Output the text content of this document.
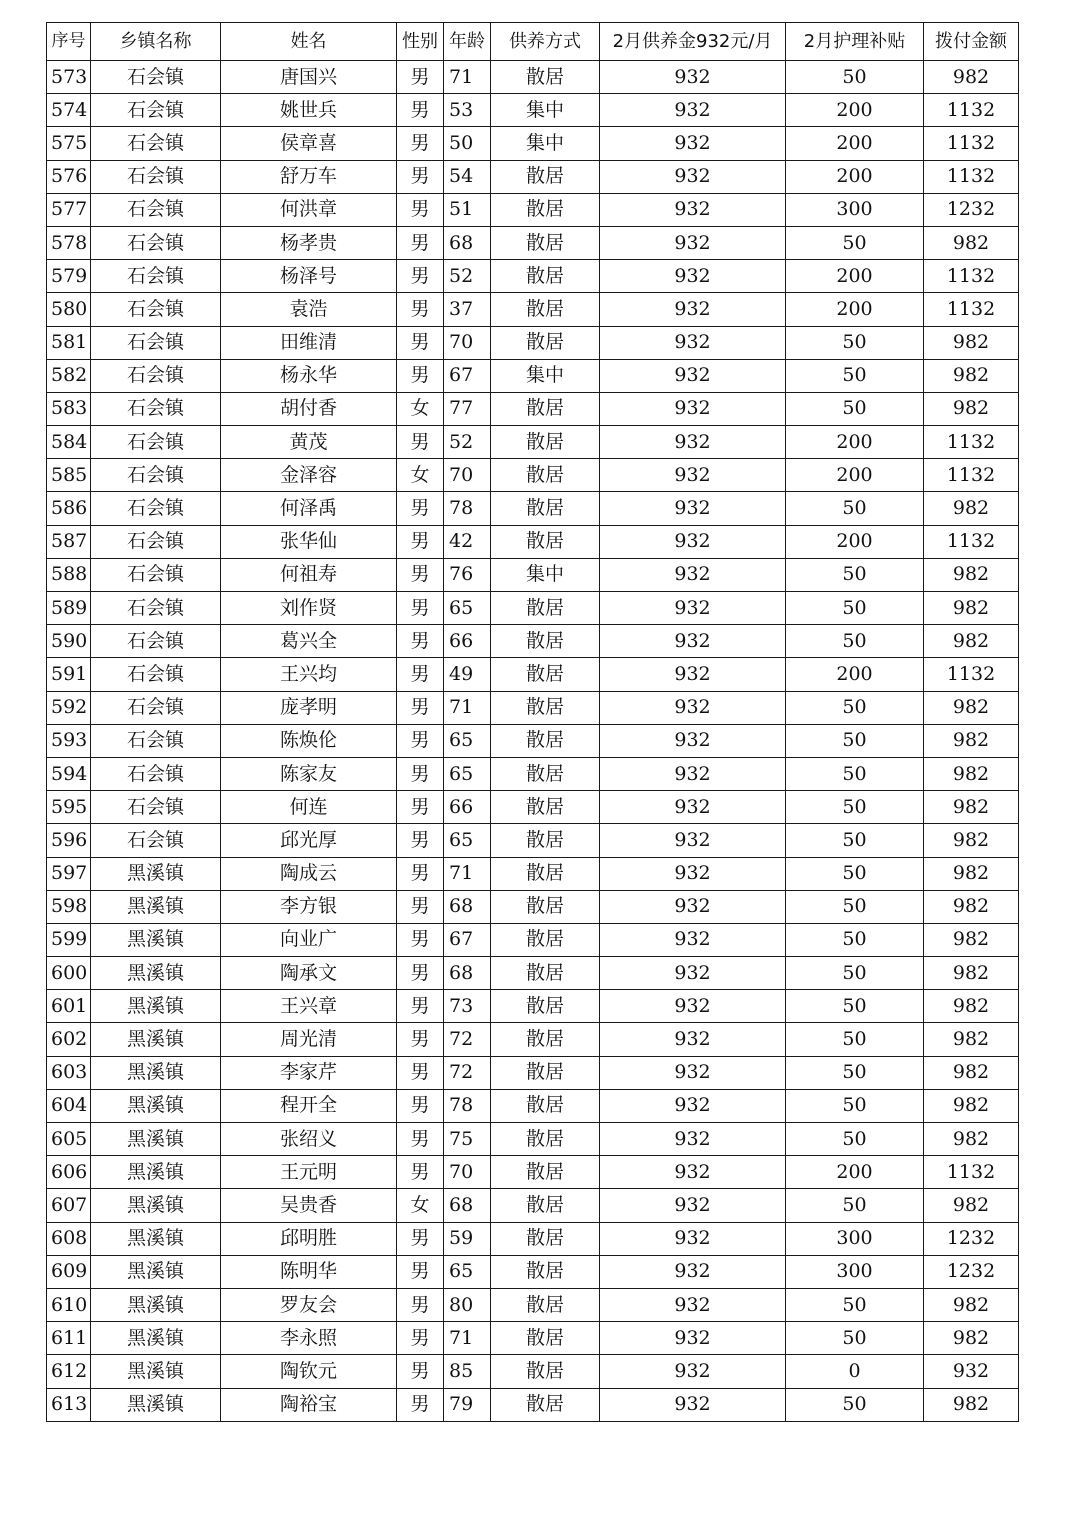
序号	乡镇名称	姓名	性别	年龄	供养方式	2月供养金932元/月	2月护理补贴	拨付金额
573	石会镇	唐国兴	男	71	散居	932	50	982
574	石会镇	姚世兵	男	53	集中	932	200	1132
575	石会镇	侯章喜	男	50	集中	932	200	1132
576	石会镇	舒万车	男	54	散居	932	200	1132
577	石会镇	何洪章	男	51	散居	932	300	1232
578	石会镇	杨孝贵	男	68	散居	932	50	982
579	石会镇	杨泽号	男	52	散居	932	200	1132
580	石会镇	袁浩	男	37	散居	932	200	1132
581	石会镇	田维清	男	70	散居	932	50	982
582	石会镇	杨永华	男	67	集中	932	50	982
583	石会镇	胡付香	女	77	散居	932	50	982
584	石会镇	黄茂	男	52	散居	932	200	1132
585	石会镇	金泽容	女	70	散居	932	200	1132
586	石会镇	何泽禹	男	78	散居	932	50	982
587	石会镇	张华仙	男	42	散居	932	200	1132
588	石会镇	何祖寿	男	76	集中	932	50	982
589	石会镇	刘作贤	男	65	散居	932	50	982
590	石会镇	葛兴全	男	66	散居	932	50	982
591	石会镇	王兴均	男	49	散居	932	200	1132
592	石会镇	庞孝明	男	71	散居	932	50	982
593	石会镇	陈焕伦	男	65	散居	932	50	982
594	石会镇	陈家友	男	65	散居	932	50	982
595	石会镇	何连	男	66	散居	932	50	982
596	石会镇	邱光厚	男	65	散居	932	50	982
597	黑溪镇	陶成云	男	71	散居	932	50	982
598	黑溪镇	李方银	男	68	散居	932	50	982
599	黑溪镇	向业广	男	67	散居	932	50	982
600	黑溪镇	陶承文	男	68	散居	932	50	982
601	黑溪镇	王兴章	男	73	散居	932	50	982
602	黑溪镇	周光清	男	72	散居	932	50	982
603	黑溪镇	李家芹	男	72	散居	932	50	982
604	黑溪镇	程开全	男	78	散居	932	50	982
605	黑溪镇	张绍义	男	75	散居	932	50	982
606	黑溪镇	王元明	男	70	散居	932	200	1132
607	黑溪镇	吴贵香	女	68	散居	932	50	982
608	黑溪镇	邱明胜	男	59	散居	932	300	1232
609	黑溪镇	陈明华	男	65	散居	932	300	1232
610	黑溪镇	罗友会	男	80	散居	932	50	982
611	黑溪镇	李永照	男	71	散居	932	50	982
612	黑溪镇	陶钦元	男	85	散居	932	0	932
613	黑溪镇	陶裕宝	男	79	散居	932	50	982
